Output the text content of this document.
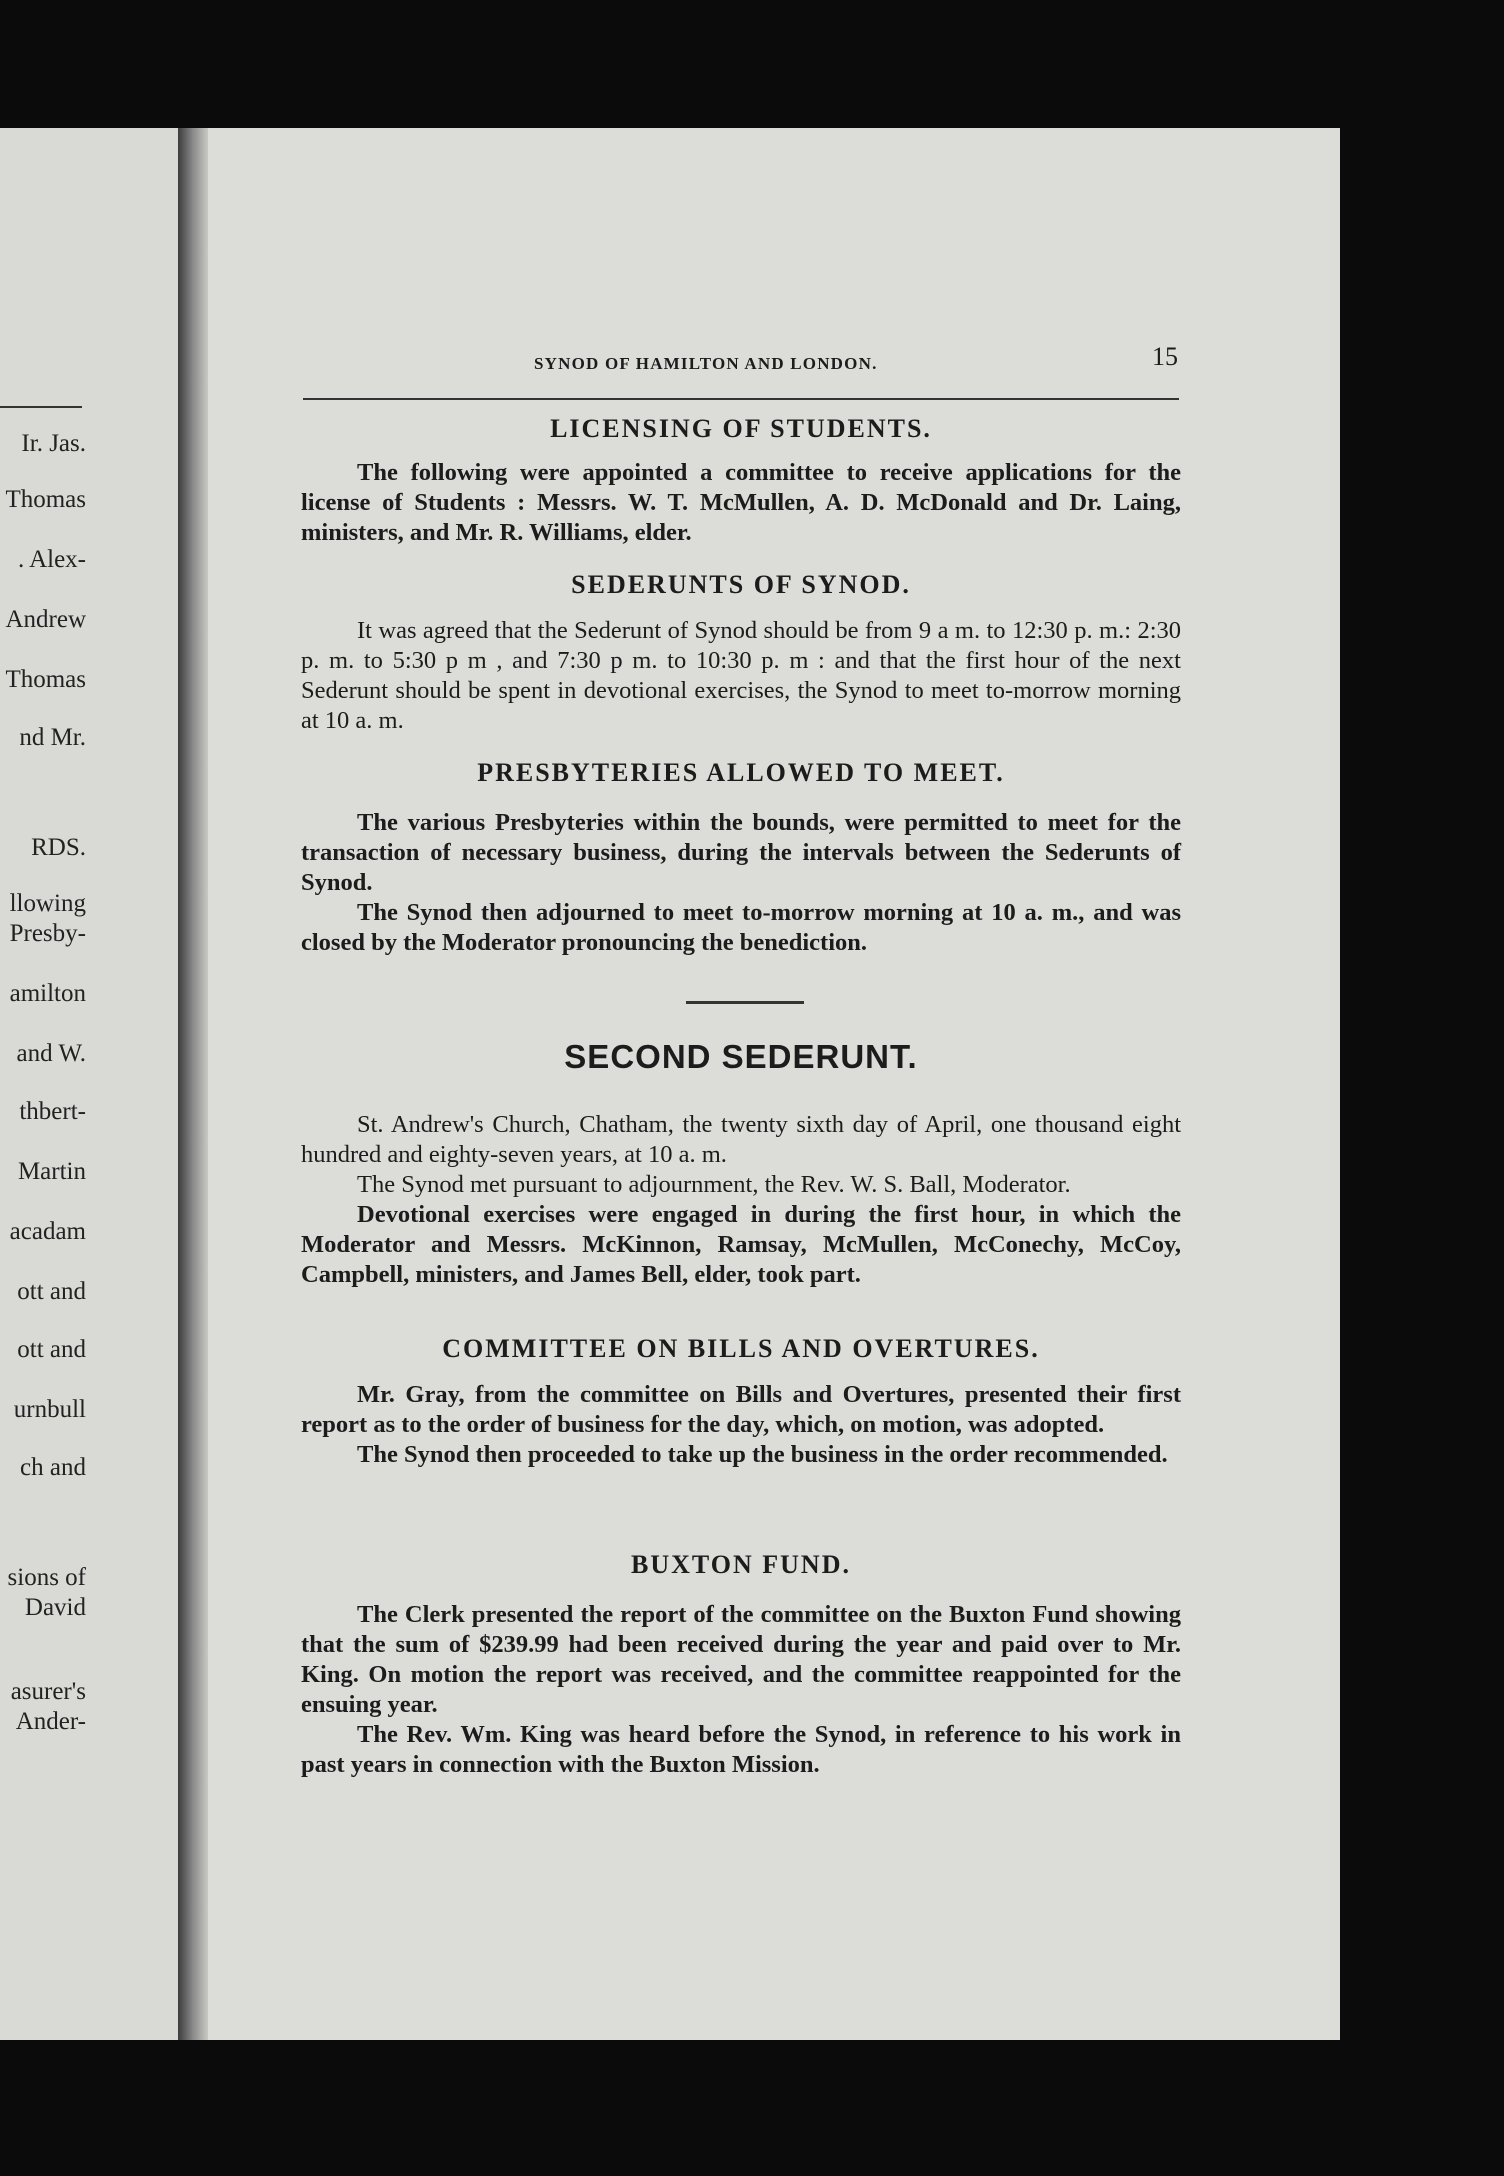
Ir. Jas.
Thomas
. Alex-
Andrew
Thomas
nd Mr.
RDS.
llowing
Presby-
amilton
and W.
thbert-
Martin
acadam
ott and
ott and
urnbull
ch and
sions of
David
asurer's
Ander-
SYNOD OF HAMILTON AND LONDON.	15
LICENSING OF STUDENTS.

The following were appointed a committee to receive applications for the license of Students : Messrs. W. T. McMullen, A. D. McDonald and Dr. Laing, ministers, and Mr. R. Williams, elder.

SEDERUNTS OF SYNOD.

It was agreed that the Sederunt of Synod should be from 9 a m. to 12:30 p. m.: 2:30 p. m. to 5:30 p m , and 7:30 p m. to 10:30 p. m : and that the first hour of the next Sederunt should be spent in devotional exercises, the Synod to meet to-morrow morning at 10 a. m.

PRESBYTERIES ALLOWED TO MEET.

The various Presbyteries within the bounds, were permitted to meet for the transaction of necessary business, during the intervals between the Sederunts of Synod.

The Synod then adjourned to meet to-morrow morning at 10 a. m., and was closed by the Moderator pronouncing the benediction.

SECOND SEDERUNT.

St. Andrew's Church, Chatham, the twenty sixth day of April, one thousand eight hundred and eighty-seven years, at 10 a. m.

The Synod met pursuant to adjournment, the Rev. W. S. Ball, Moderator.

Devotional exercises were engaged in during the first hour, in which the Moderator and Messrs. McKinnon, Ramsay, McMullen, McConechy, McCoy, Campbell, ministers, and James Bell, elder, took part.

COMMITTEE ON BILLS AND OVERTURES.

Mr. Gray, from the committee on Bills and Overtures, presented their first report as to the order of business for the day, which, on motion, was adopted.

The Synod then proceeded to take up the business in the order recommended.

BUXTON FUND.

The Clerk presented the report of the committee on the Buxton Fund showing that the sum of $239.99 had been received during the year and paid over to Mr. King. On motion the report was received, and the committee reappointed for the ensuing year.

The Rev. Wm. King was heard before the Synod, in reference to his work in past years in connection with the Buxton Mission.
